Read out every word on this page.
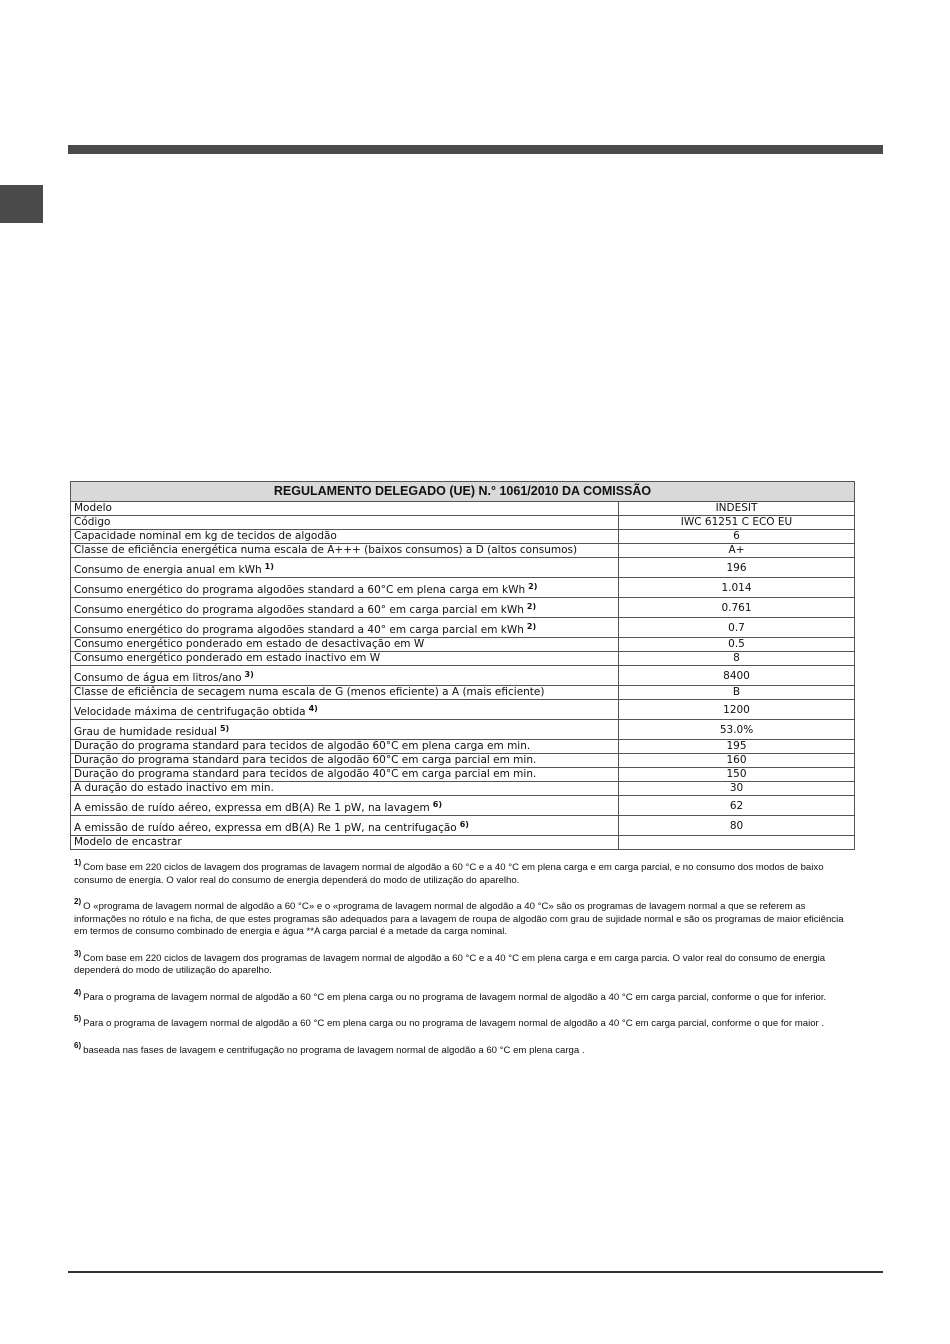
REGULAMENTO DELEGADO (UE) N.° 1061/2010 DA COMISSÃO	
Modelo	INDESIT
Código	IWC 61251 C ECO EU
Capacidade nominal em kg de tecidos de algodão	6
Classe de eficiência energética numa escala de A+++ (baixos consumos) a D (altos consumos)	A+
Consumo de energia anual em kWh $^{1)}$	196
Consumo energético do programa algodões standard a 60°C em plena carga em kWh $^{2)}$	1.014
Consumo energético do programa algodões standard a 60° em carga parcial em kWh $^{2)}$	0.761
Consumo energético do programa algodões standard a 40° em carga parcial em kWh $^{2)}$	0.7
Consumo energético ponderado em estado de desactivação em W	0.5
Consumo energético ponderado em estado inactivo em W	8
Consumo de água em litros/ano $^{3)}$	8400
Classe de eficiência de secagem numa escala de G (menos eficiente) a A (mais eficiente)	B
Velocidade máxima de centrifugação obtida $^{4)}$	1200
Grau de humidade residual $^{5)}$	53.0%
Duração do programa standard para tecidos de algodão 60°C em plena carga em min.	195
Duração do programa standard para tecidos de algodão 60°C em carga parcial em min.	160
Duração do programa standard para tecidos de algodão 40°C em carga parcial em min.	150
A duração do estado inactivo em min.	30
A emissão de ruído aéreo, expressa em dB(A) Re 1 pW, na lavagem $^{6)}$	62
A emissão de ruído aéreo, expressa em dB(A) Re 1 pW, na centrifugação $^{6)}$	80
Modelo de encastrar	
$^{1)}$ Com base em 220 ciclos de lavagem dos programas de lavagem normal de algodão a 60 °C e a 40 °C em plena carga e em carga parcial, e no consumo dos modos de baixo consumo de energia. O valor real do consumo de energia dependerá do modo de utilização do aparelho.
$^{2)}$ O «programa de lavagem normal de algodão a 60 °C» e o «programa de lavagem normal de algodão a 40 °C» são os programas de lavagem normal a que se referem as informações no rótulo e na ficha, de que estes programas são adequados para a lavagem de roupa de algodão com grau de sujidade normal e são os programas de maior eficiência em termos de consumo combinado de energia e água **A carga parcial é a metade da carga nominal.
$^{3)}$ Com base em 220 ciclos de lavagem dos programas de lavagem normal de algodão a 60 °C e a 40 °C em plena carga e em carga parcia. O valor real do consumo de energia dependerá do modo de utilização do aparelho.
$^{4)}$ Para o programa de lavagem normal de algodão a 60 °C em plena carga ou no programa de lavagem normal de algodão a 40 °C em carga parcial, conforme o que for inferior.
$^{5)}$ Para o programa de lavagem normal de algodão a 60 °C em plena carga ou no programa de lavagem normal de algodão a 40 °C em carga parcial, conforme o que for maior .
$^{6)}$ baseada nas fases de lavagem e centrifugação no programa de lavagem normal de algodão a 60 °C em plena carga .
